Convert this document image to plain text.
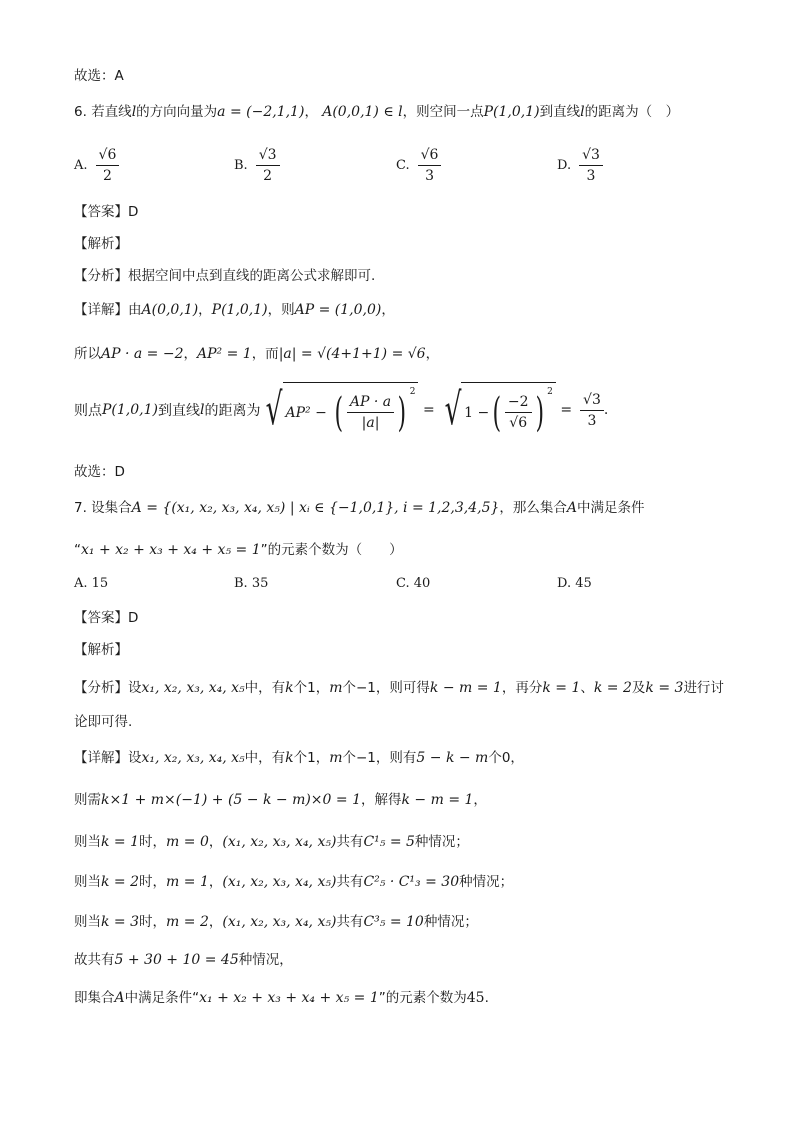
故选：A
6.
若直线 l 的方向向量为 a = (−2,1,1) ， A(0,0,1) ∈ l ，则空间一点 P(1,0,1) 到直线 l 的距离为（　）
A. $\frac{√6}{2}$	B. $\frac{√3}{2}$	C. $\frac{√6}{3}$	D. $\frac{√3}{3}$
【答案】D
【解析】
【分析】根据空间中点到直线的距离公式求解即可.
【详解】由 A(0,0,1) ， P(1,0,1) ，则 AP = (1,0,0) ，
所以 AP · a = −2 ， AP² = 1 ，而 |a| = √(4+1+1) = √6 ，
则点 P(1,0,1) 到直线 l 的距离为 √ AP²
−
( $\frac{AP \cdot a}{|a|}$ ) $^2$

=
√ 1 − ( $\frac{-2}{√6}$ ) $^2$

= $\frac{√3}{3}$ .
故选：D
7. 设集合 A = {(x₁, x₂, x₃, x₄, x₅) | xᵢ ∈ {−1,0,1}, i = 1,2,3,4,5} ，那么集合 A 中满足条件
“ x₁ + x₂ + x₃ + x₄ + x₅ = 1 ”的元素个数为（　　）
A. 15	B. 35	C. 40	D. 45
【答案】D
【解析】
【分析】设 x₁, x₂, x₃, x₄, x₅ 中，有 k 个1， m 个−1，则可得 k − m = 1 ，再分 k = 1 、 k = 2 及 k = 3 进行讨
论即可得.
【详解】设 x₁, x₂, x₃, x₄, x₅ 中，有 k 个1， m 个−1，则有 5 − k − m 个0，
则需 k×1 + m×(−1) + (5 − k − m)×0 = 1 ，解得 k − m = 1 ，
则当 k = 1 时， m = 0 ， (x₁, x₂, x₃, x₄, x₅) 共有 C¹₅ = 5 种情况；
则当 k = 2 时， m = 1 ， (x₁, x₂, x₃, x₄, x₅) 共有 C²₅ · C¹₃ = 30 种情况；
则当 k = 3 时， m = 2 ， (x₁, x₂, x₃, x₄, x₅) 共有 C³₅ = 10 种情况；
故共有 5 + 30 + 10 = 45 种情况，
即集合 A 中满足条件“ x₁ + x₂ + x₃ + x₄ + x₅ = 1 ”的元素个数为 45 .
